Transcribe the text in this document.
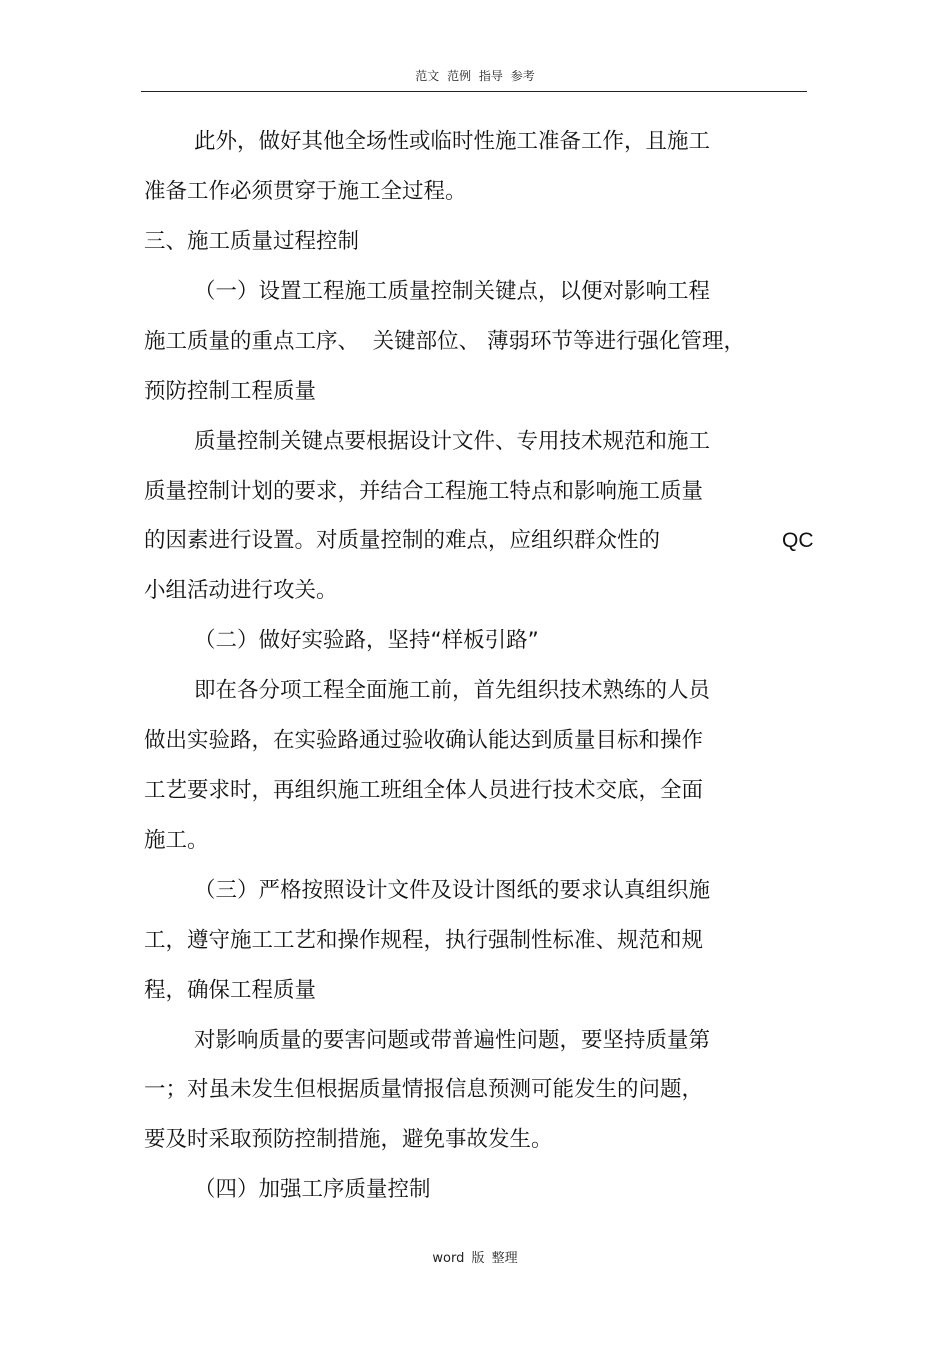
范文 范例 指导 参考
此外，做好其他全场性或临时性施工准备工作，且施工
准备工作必须贯穿于施工全过程。
三、施工质量过程控制
（一）设置工程施工质量控制关键点，以便对影响工程
施工质量的重点工序、  关键部位、 薄弱环节等进行强化管理，
预防控制工程质量
质量控制关键点要根据设计文件、专用技术规范和施工
质量控制计划的要求，并结合工程施工特点和影响施工质量
的因素进行设置。对质量控制的难点，应组织群众性的	QC
小组活动进行攻关。
（二）做好实验路，坚持“样板引路”
即在各分项工程全面施工前，首先组织技术熟练的人员
做出实验路，在实验路通过验收确认能达到质量目标和操作
工艺要求时，再组织施工班组全体人员进行技术交底，全面
施工。
（三）严格按照设计文件及设计图纸的要求认真组织施
工，遵守施工工艺和操作规程，执行强制性标准、规范和规
程，确保工程质量
对影响质量的要害问题或带普遍性问题，要坚持质量第
一；对虽未发生但根据质量情报信息预测可能发生的问题，
要及时采取预防控制措施，避免事故发生。
（四）加强工序质量控制
word 版 整理
